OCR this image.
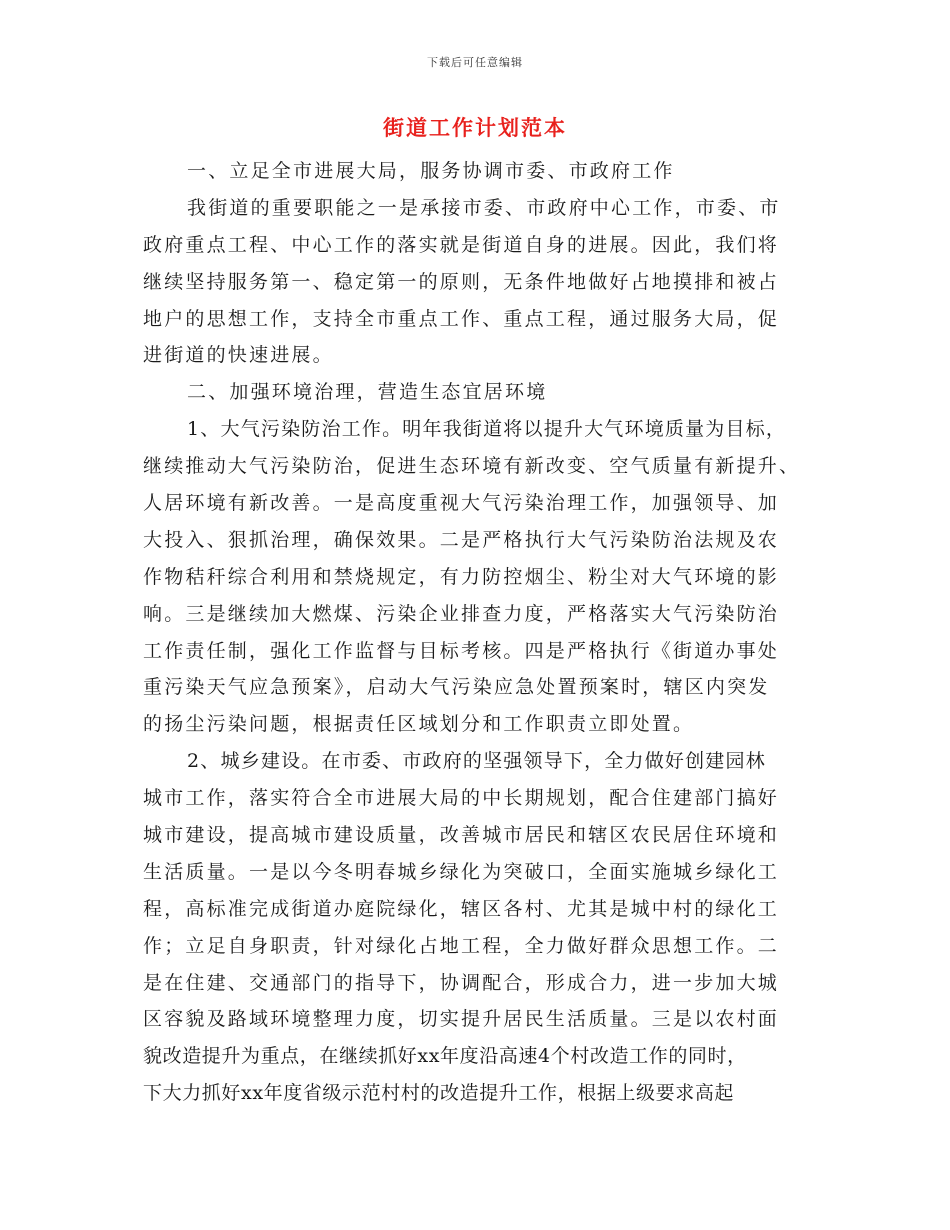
下载后可任意编辑
街道工作计划范本
一、立足全市进展大局，服务协调市委、市政府工作
我街道的重要职能之一是承接市委、市政府中心工作，市委、市
政府重点工程、中心工作的落实就是街道自身的进展。因此，我们将
继续坚持服务第一、稳定第一的原则，无条件地做好占地摸排和被占
地户的思想工作，支持全市重点工作、重点工程，通过服务大局，促
进街道的快速进展。
二、加强环境治理，营造生态宜居环境
1、大气污染防治工作。明年我街道将以提升大气环境质量为目标，
继续推动大气污染防治，促进生态环境有新改变、空气质量有新提升、
人居环境有新改善。一是高度重视大气污染治理工作，加强领导、加
大投入、狠抓治理，确保效果。二是严格执行大气污染防治法规及农
作物秸秆综合利用和禁烧规定，有力防控烟尘、粉尘对大气环境的影
响。三是继续加大燃煤、污染企业排查力度，严格落实大气污染防治
工作责任制，强化工作监督与目标考核。四是严格执行《街道办事处
重污染天气应急预案》，启动大气污染应急处置预案时，辖区内突发
的扬尘污染问题，根据责任区域划分和工作职责立即处置。
2、城乡建设。在市委、市政府的坚强领导下，全力做好创建园林
城市工作，落实符合全市进展大局的中长期规划，配合住建部门搞好
城市建设，提高城市建设质量，改善城市居民和辖区农民居住环境和
生活质量。一是以今冬明春城乡绿化为突破口，全面实施城乡绿化工
程，高标准完成街道办庭院绿化，辖区各村、尤其是城中村的绿化工
作；立足自身职责，针对绿化占地工程，全力做好群众思想工作。二
是在住建、交通部门的指导下，协调配合，形成合力，进一步加大城
区容貌及路域环境整理力度，切实提升居民生活质量。三是以农村面
貌改造提升为重点，在继续抓好xx年度沿高速4个村改造工作的同时，
下大力抓好xx年度省级示范村村的改造提升工作，根据上级要求高起
